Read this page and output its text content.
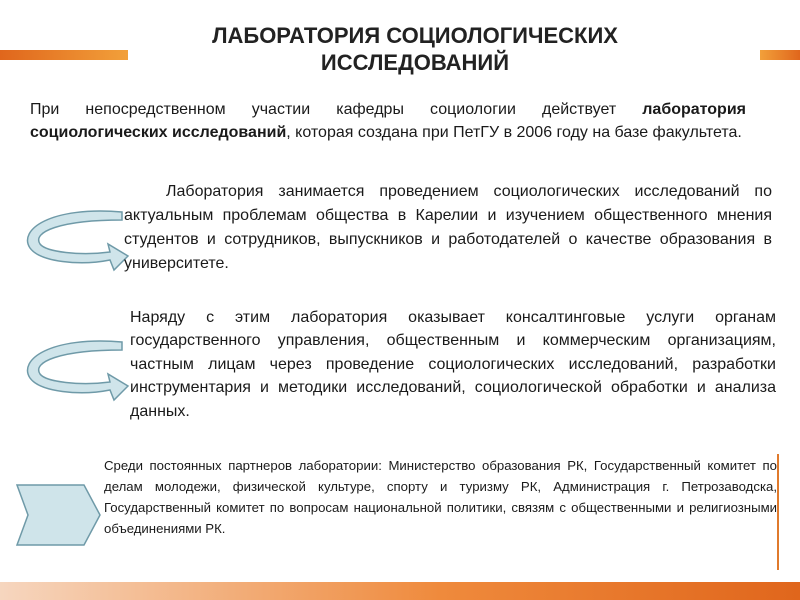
ЛАБОРАТОРИЯ СОЦИОЛОГИЧЕСКИХ
ИССЛЕДОВАНИЙ

При непосредственном участии кафедры социологии действует лаборатория социологических исследований, которая создана при ПетГУ в 2006 году на базе факультета.

Лаборатория занимается проведением социологических исследований по актуальным проблемам общества в Карелии и изучением общественного мнения студентов и сотрудников, выпускников и работодателей о качестве образования в университете.

Наряду с этим лаборатория оказывает консалтинговые услуги органам государственного управления, общественным и коммерческим организациям, частным лицам через проведение социологических исследований, разработки инструментария и методики исследований, социологической обработки и анализа данных.

Среди постоянных партнеров лаборатории: Министерство образования РК, Государственный комитет по делам молодежи, физической культуре, спорту и туризму РК, Администрация г. Петрозаводска, Государственный комитет по вопросам национальной политики, связям с общественными и религиозными объединениями РК.
